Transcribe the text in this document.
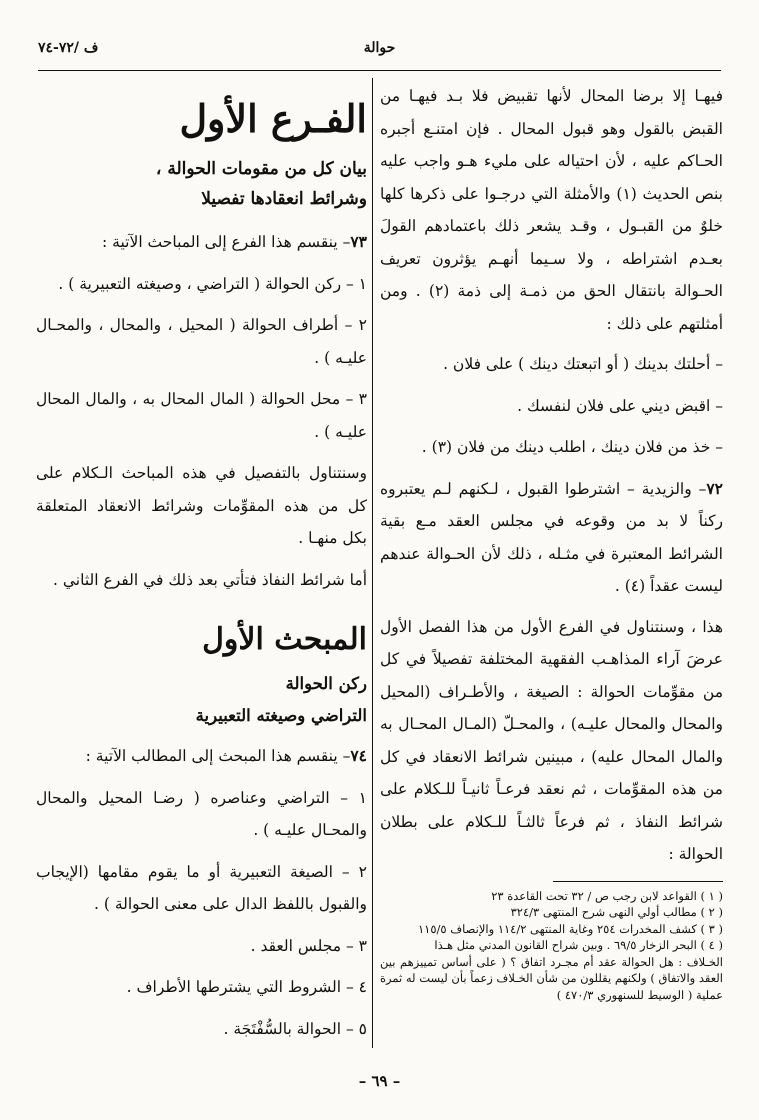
حوالة
ف /٧٢-٧٤

فيهـا إلا برضا المحال لأنها تقبيض فلا بـد فيهـا من القبض بالقول وهو قبول المحال . فإن امتنـع أجبره الحـاكم عليه ، لأن احتياله على مليء هـو واجب عليه بنص الحديث (١) والأمثلة التي درجـوا على ذكرها كلها خلوٌ من القبـول ، وقـد يشعر ذلك باعتمادهم القولَ بعـدم اشتراطه ، ولا سـيما أنهـم يؤثرون تعريف الحـوالة بانتقال الحق من ذمـة إلى ذمة (٢) . ومن أمثلتهم على ذلك :

– أحلتك بدينك ( أو اتبعتك دينك ) على فلان .

– اقبض ديني على فلان لنفسك .

– خذ من فلان دينك ، اطلب دينك من فلان (٣) .

٧٢– والزيدية – اشترطوا القبول ، لـكنهم لـم يعتبروه ركناً لا بد من وقوعه في مجلس العقد مـع بقية الشرائط المعتبرة في مثـله ، ذلك لأن الحـوالة عندهم ليست عقداً (٤) .

هذا ، وسنتناول في الفرع الأول من هذا الفصل الأول عرضَ آراء المذاهـب الفقهية المختلفة تفصيلاً في كل من مقوِّمات الحوالة : الصيغة ، والأطـراف (المحيل والمحال والمحال عليـه) ، والمحـلّ (المـال المحـال به والمال المحال عليه) ، مبينين شرائط الانعقاد في كل من هذه المقوِّمات ، ثم نعقد فرعـاً ثانيـاً للـكلام على شرائط النفاذ ، ثم فرعاً ثالثـاً للـكلام على بطلان الحوالة :

( ١ ) القواعد لابن رجب ص / ٣٢ تحت القاعدة ٢٣

( ٢ ) مطالب أولي النهى شرح المنتهى ٣٢٤/٣

( ٣ ) كشف المخدرات ٢٥٤ وغاية المنتهى ١١٤/٢ والإنصاف ١١٥/٥

( ٤ ) البحر الزخار ٦٩/٥ . وبين شراح القانون المدني مثل هـذا

الخـلاف : هل الحوالة عقد أم مجـرد اتفاق ؟ ( على أساس تمييزهم بين العقد والاتفاق ) ولكنهم يقللون من شأن الخـلاف زعماً بأن ليست له ثمرة عملية ( الوسيط للسنهوري ٤٧٠/٣ )

الفـرع الأول
بيان كل من مقومات الحوالة ،
وشرائط انعقادها تفصيلا

٧٣– ينقسم هذا الفرع إلى المباحث الآتية :

١ – ركن الحوالة ( التراضي ، وصيغته التعبيرية ) .

٢ – أطراف الحوالة ( المحيل ، والمحال ، والمحـال عليـه ) .

٣ – محل الحوالة ( المال المحال به ، والمال المحال عليـه ) .

وسنتناول بالتفصيل في هذه المباحث الـكلام على كل من هذه المقوِّمات وشرائط الانعقاد المتعلقة بكل منهـا .

أما شرائط النفاذ فتأتي بعد ذلك في الفرع الثاني .

المبحث الأول
ركن الحوالة
التراضي وصيغته التعبيرية

٧٤– ينقسم هذا المبحث إلى المطالب الآتية :

١ – التراضي وعناصره ( رضـا المحيل والمحال والمحـال عليـه ) .

٢ – الصيغة التعبيرية أو ما يقوم مقامها (الإيجاب والقبول باللفظ الدال على معنى الحوالة ) .

٣ – مجلس العقد .

٤ – الشروط التي يشترطها الأطراف .

٥ – الحوالة بالسُّفْتَجَة .

– ٦٩ –
